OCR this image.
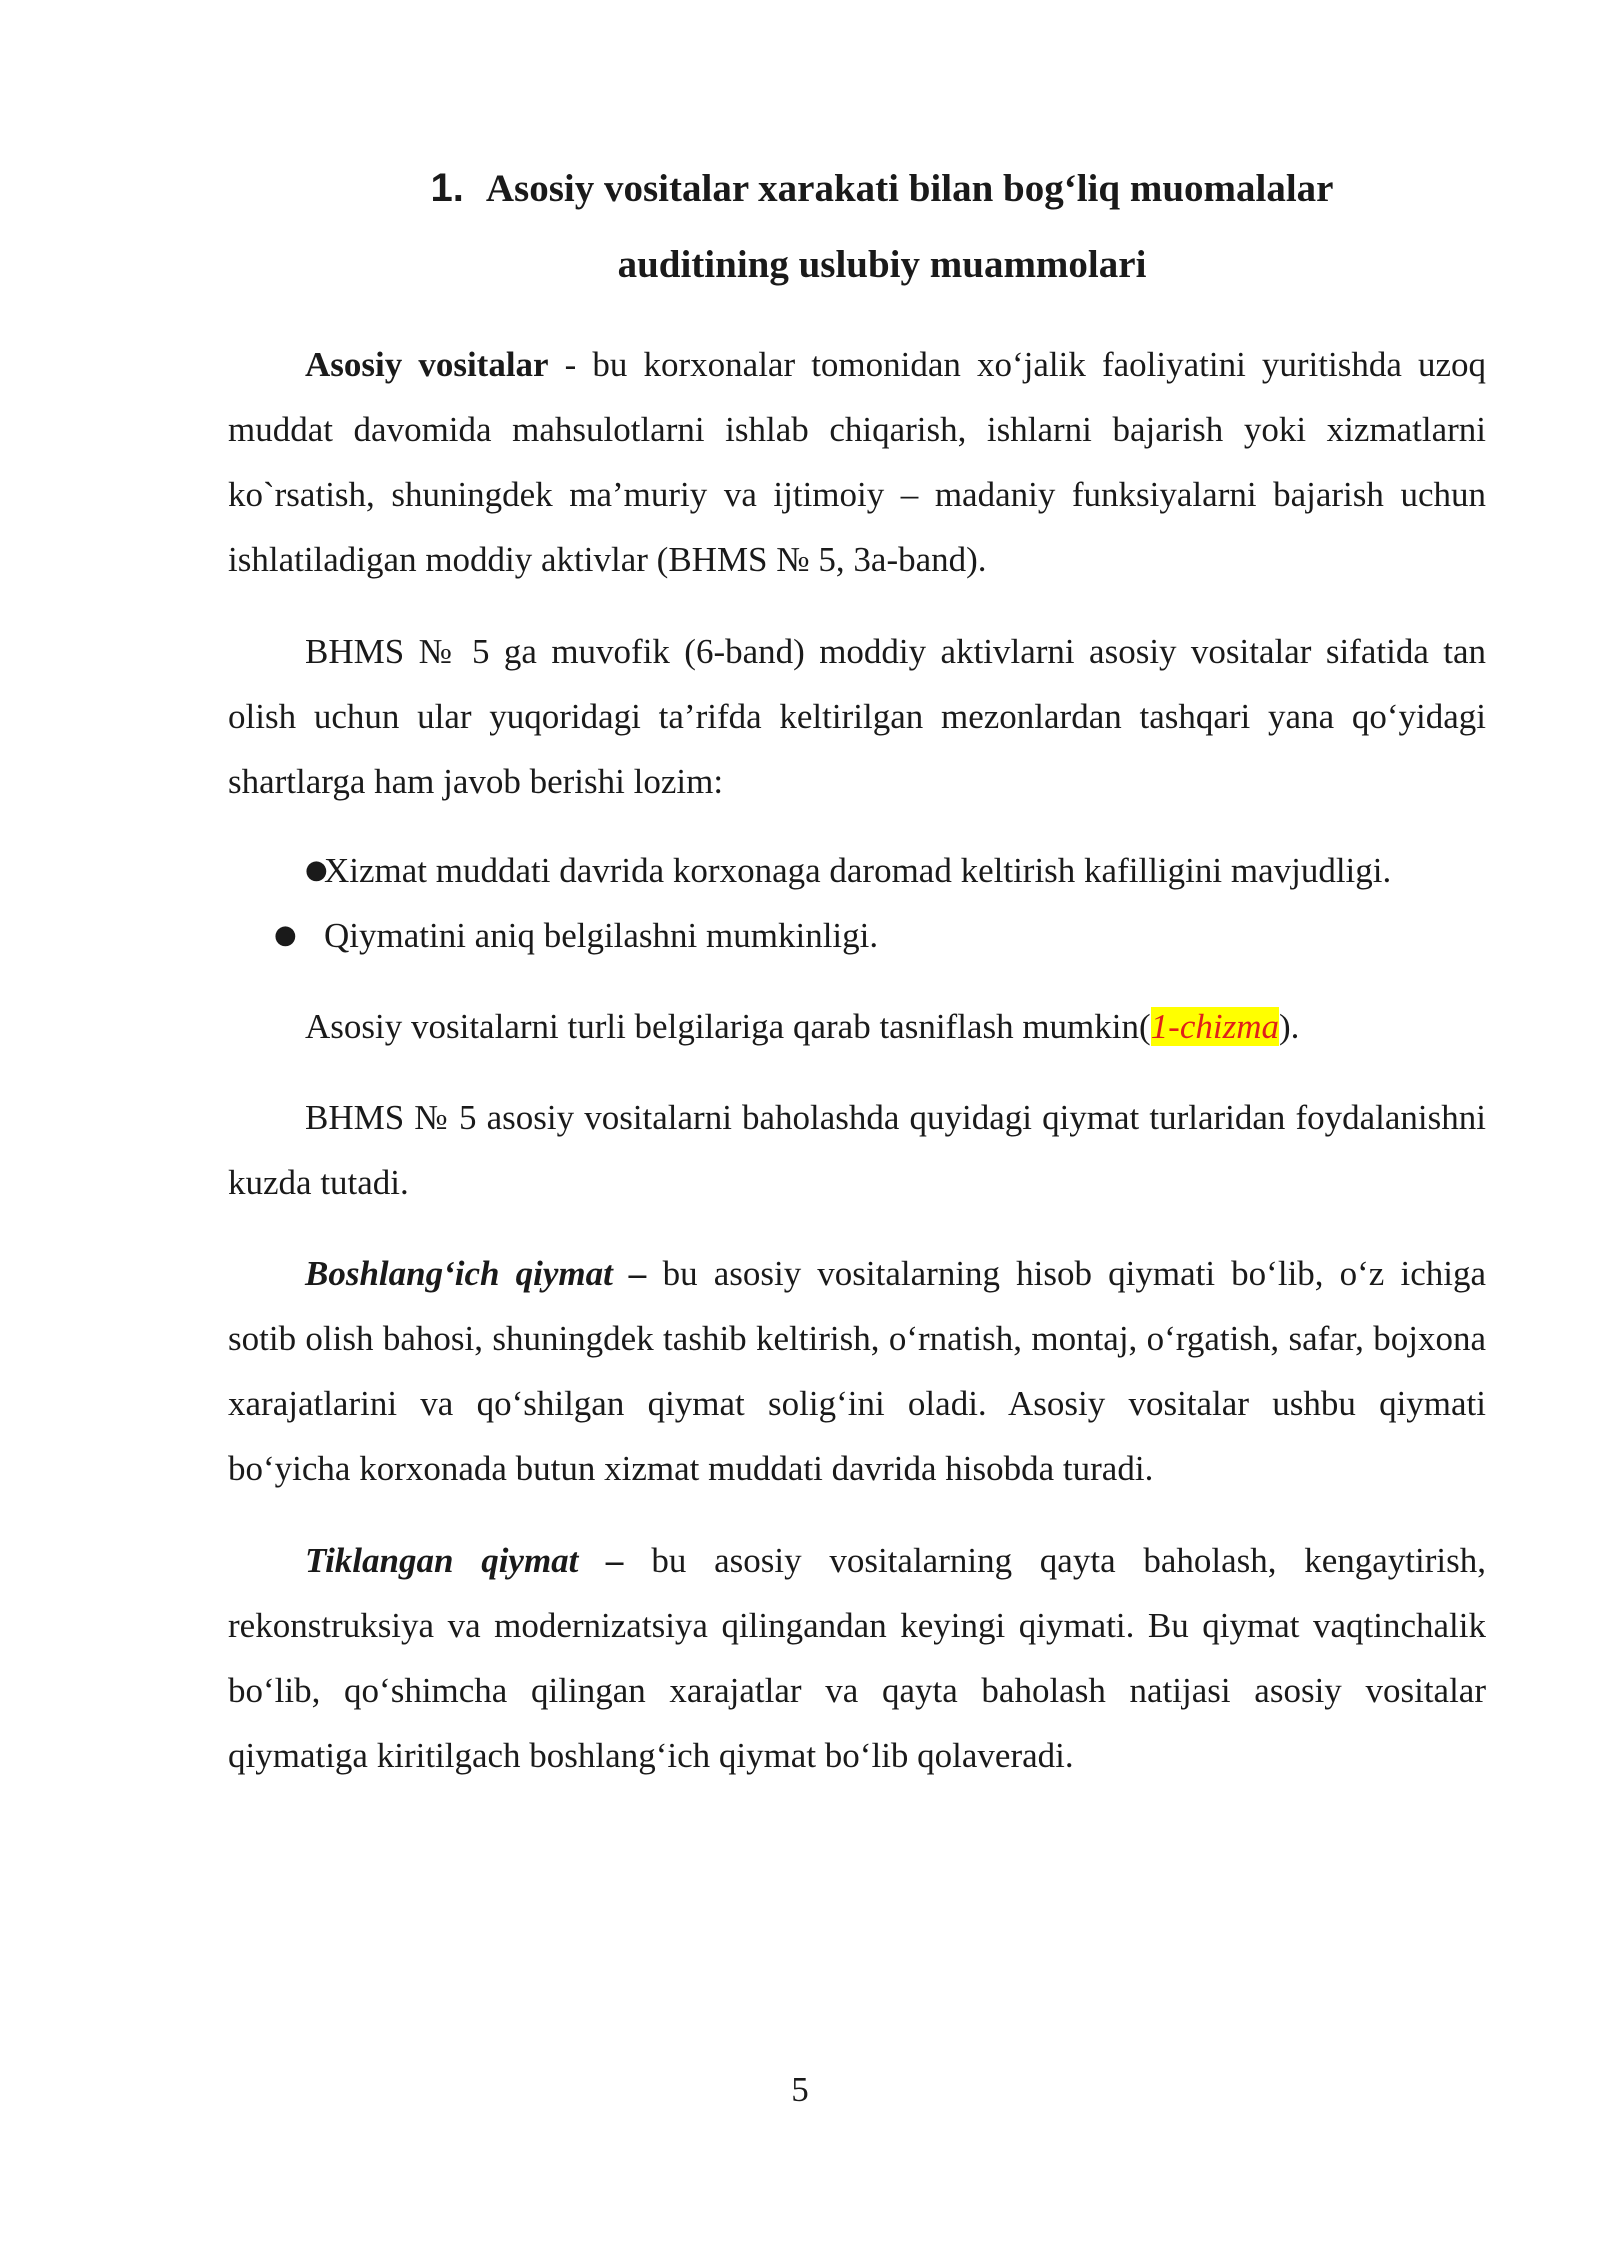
1. Asosiy vositalar xarakati bilan bog‘liq muomalalar
auditining uslubiy muammolari

Asosiy vositalar - bu korxonalar tomonidan xo‘jalik faoliyatini yuritishda uzoq muddat davomida mahsulotlarni ishlab chiqarish, ishlarni bajarish yoki xizmatlarni ko`rsatish, shuningdek ma’muriy va ijtimoiy – madaniy funksiyalarni bajarish uchun ishlatiladigan moddiy aktivlar (BHMS № 5, 3a-band).

BHMS № 5 ga muvofik (6-band) moddiy aktivlarni asosiy vositalar sifatida tan olish uchun ular yuqoridagi ta’rifda keltirilgan mezonlardan tashqari yana qo‘yidagi shartlarga ham javob berishi lozim:

●
Xizmat muddati davrida korxonaga daromad keltirish kafilligini mavjudligi.
● Qiymatini aniq belgilashni mumkinligi.

Asosiy vositalarni turli belgilariga qarab tasniflash mumkin(1-chizma).

BHMS № 5 asosiy vositalarni baholashda quyidagi qiymat turlaridan foydalanishni kuzda tutadi.

Boshlang‘ich qiymat – bu asosiy vositalarning hisob qiymati bo‘lib, o‘z ichiga sotib olish bahosi, shuningdek tashib keltirish, o‘rnatish, montaj, o‘rgatish, safar, bojxona xarajatlarini va qo‘shilgan qiymat solig‘ini oladi. Asosiy vositalar ushbu qiymati bo‘yicha korxonada butun xizmat muddati davrida hisobda turadi.

Tiklangan qiymat – bu asosiy vositalarning qayta baholash, kengaytirish, rekonstruksiya va modernizatsiya qilingandan keyingi qiymati. Bu qiymat vaqtinchalik bo‘lib, qo‘shimcha qilingan xarajatlar va qayta baholash natijasi asosiy vositalar qiymatiga kiritilgach boshlang‘ich qiymat bo‘lib qolaveradi.

5
